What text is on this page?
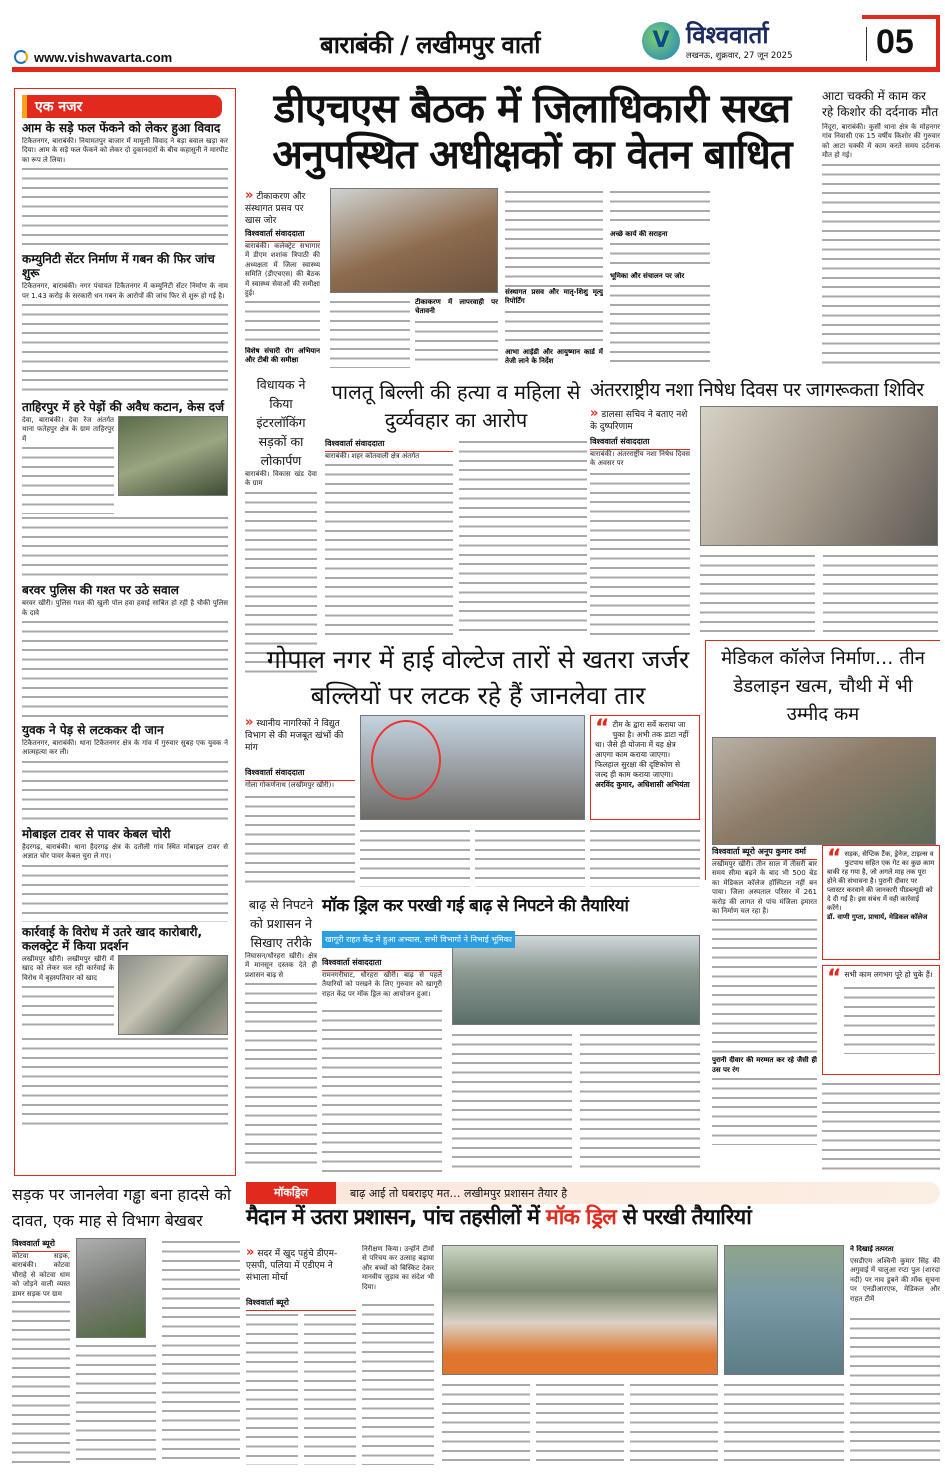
www.vishwavarta.com	बाराबंकी / लखीमपुर वार्ता	V विश्ववार्ता
लखनऊ, शुक्रवार, 27 जून 2025 05
एक नजर
आम के सड़े फल फेंकने को लेकर हुआ विवाद
टिकैतनगर, बाराबंकी। नियामतपुर बाजार में मामूली विवाद ने बड़ा बवाल खड़ा कर दिया। आम के सड़े फल फेंकने को लेकर दो दुकानदारों के बीच कहासुनी ने मारपीट का रूप ले लिया।
कम्युनिटी सेंटर निर्माण में गबन की फिर जांच शुरू
टिकैतनगर, बाराबंकी। नगर पंचायत टिकैतनगर में कम्युनिटी सेंटर निर्माण के नाम पर 1.43 करोड़ के सरकारी धन गबन के आरोपों की जांच फिर से शुरू हो गई है।
ताहिरपुर में हरे पेड़ों की अवैध कटान, केस दर्ज
देवा, बाराबंकी। देवा रेंज अंतर्गत थाना फतेहपुर क्षेत्र के ग्राम ताहिरपुर में
बरवर पुलिस की गश्त पर उठे सवाल
बरवर खीरी। पुलिस गश्त की खुली पोल हवा हवाई साबित हो रही है चौकी पुलिस के दावे
युवक ने पेड़ से लटककर दी जान
टिकैतनगर, बाराबंकी। थाना टिकैतनगर क्षेत्र के गांव में गुरुवार सुबह एक युवक ने आत्महत्या कर ली।
मोबाइल टावर से पावर केबल चोरी
हैदरगढ़, बाराबंकी। थाना हैदरगढ़ क्षेत्र के दतौली गांव स्थित मोबाइल टावर से अज्ञात चोर पावर केबल चुरा ले गए।
कार्रवाई के विरोध में उतरे खाद कारोबारी, कलक्ट्रेट में किया प्रदर्शन
लखीमपुर खीरी। लखीमपुर खीरी में खाद को लेकर चल रही कार्रवाई के विरोध में बृहस्पतिवार को खाद
डीएचएस बैठक में जिलाधिकारी सख्त अनुपस्थित अधीक्षकों का वेतन बाधित
» टीकाकरण और संस्थागत प्रसव पर खास जोर
विश्ववार्ता संवाददाता
बाराबंकी। कलेक्ट्रेट सभागार में डीएम शशांक त्रिपाठी की अध्यक्षता में जिला स्वास्थ्य समिति (डीएचएस) की बैठक में स्वास्थ्य सेवाओं की समीक्षा हुई।
विशेष संचारी रोग अभियान और टीबी की समीक्षा
टीकाकरण में लापरवाही पर चेतावनी
संस्थागत प्रसव और मातृ-शिशु मृत्यु रिपोर्टिंग
आभा आईडी और आयुष्मान कार्ड में तेजी लाने के निर्देश
अच्छे कार्य की सराहना
भूमिका और संचालन पर जोर
आटा चक्की में काम कर रहे किशोर की दर्दनाक मौत
निंदूरा, बाराबंकी। कुर्सी थाना क्षेत्र के मोहनगर गांव निवासी एक 15 वर्षीय किशोर की गुरुवार को आटा चक्की में काम करते समय दर्दनाक मौत हो गई।
विधायक ने किया इंटरलॉकिंग सड़कों का लोकार्पण
बाराबंकी। विकास खंड देवा के ग्राम
पालतू बिल्ली की हत्या व महिला से दुर्व्यवहार का आरोप
विश्ववार्ता संवाददाता
बाराबंकी। शहर कोतवाली क्षेत्र अंतर्गत
अंतरराष्ट्रीय नशा निषेध दिवस पर जागरूकता शिविर
» डालसा सचिव ने बताए नशे के दुष्परिणाम
विश्ववार्ता संवाददाता
बाराबंकी। अंतरराष्ट्रीय नशा निषेध दिवस के अवसर पर
गोपाल नगर में हाई वोल्टेज तारों से खतरा जर्जर बल्लियों पर लटक रहे हैं जानलेवा तार
» स्थानीय नागरिकों ने विद्युत विभाग से की मजबूत खंभों की मांग
विश्ववार्ता संवाददाता
गोला गोकर्णनाथ (लखीमपुर खीरी)।
“ टीम के द्वारा सर्वे कराया जा चुका है। अभी तक डाटा नहीं था। जैसे ही योजना में यह क्षेत्र आएगा काम कराया जाएगा। फिलहाल सुरक्षा की दृष्टिकोण से जल्द ही काम कराया जाएगा।
अरविंद कुमार, अधिशासी अभियंता
मेडिकल कॉलेज निर्माण… तीन डेडलाइन खत्म, चौथी में भी उम्मीद कम
विश्ववार्ता ब्यूरो अनूप कुमार वर्मा
लखीमपुर खीरी। तीन साल में तीसरी बार समय सीमा बढ़ने के बाद भी 500 बेड का मेडिकल कॉलेज हॉस्पिटल नहीं बन पाया। जिला अस्पताल परिसर में 261 करोड़ की लागत से पांच मंजिला इमारत का निर्माण चल रहा है।
पुरानी दीवार की मरम्मत कर रहे जैसी ही उस पर रंग
“ सड़क, सेप्टिक टैंक, ड्रेनेज, टाइल्स व फुटपाथ सहित एक गेट का कुछ काम बाकी रह गया है, जो अगले माह तक पूरा होने की संभावना है। पुरानी दीवार पर प्लास्टर करवाने की जानकारी पीडब्ल्यूडी को दे दी गई है। इस संबंध में वही कार्रवाई करेंगे।
डॉ. वाणी गुप्ता, प्राचार्य, मेडिकल कॉलेज
“ सभी काम लगभग पूरे हो चुके हैं।
बाढ़ से निपटने को प्रशासन ने सिखाए तरीके
निघासन/धौरहरा खीरी। क्षेत्र में मानसून दस्तक देते ही प्रशासन बाढ़ से
मॉक ड्रिल कर परखी गई बाढ़ से निपटने की तैयारियां
खागूरी राहत केंद्र में हुआ अभ्यास, सभी विभागों ने निभाई भूमिका
विश्ववार्ता संवाददाता
रामनगरीघाट, धौरहरा खीरी। बाढ़ से पहले तैयारियों को परखने के लिए गुरुवार को खागूरी राहत केंद्र पर मॉक ड्रिल का आयोजन हुआ।
सड़क पर जानलेवा गड्ढा बना हादसे को दावत, एक माह से विभाग बेखबर
विश्ववार्ता ब्यूरो
कोटवा सड़क, बाराबंकी। कोटवा चौराहे से कोटवा धाम को जोड़ने वाली व्यस्त डामर सड़क पर ग्राम
मॉकड्रिल	बाढ़ आई तो घबराइए मत… लखीमपुर प्रशासन तैयार है
मैदान में उतरा प्रशासन, पांच तहसीलों में मॉक ड्रिल से परखी तैयारियां
» सदर में खुद पहुंचे डीएम-एसपी, पलिया में एडीएम ने संभाला मोर्चा
विश्ववार्ता ब्यूरो
निरीक्षण किया। उन्होंने टीमों से परिचय कर उत्साह बढ़ाया और बच्चों को बिस्किट देकर मानवीय जुड़ाव का संदेश भी दिया।
ने दिखाई तत्परता
एसडीएम अश्विनी कुमार सिंह की अगुवाई में चालुआ रप्टा पुल (शारदा नदी) पर नाव डूबने की मॉक सूचना पर एनडीआरएफ, मेडिकल और राहत टीमें
